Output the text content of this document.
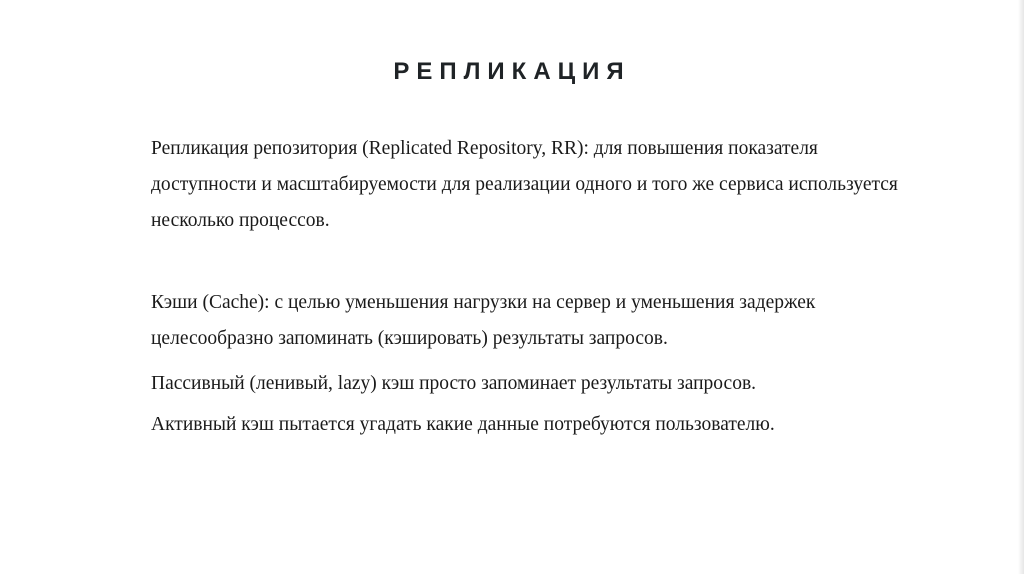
РЕПЛИКАЦИЯ
Репликация репозитория (Replicated Repository, RR): для повышения показателя доступности и масштабируемости для реализации одного и того же сервиса используется несколько процессов.
Кэши (Cache): с целью уменьшения нагрузки на сервер и уменьшения задержек целесообразно запоминать (кэшировать) результаты запросов.
Пассивный (ленивый, lazy) кэш просто запоминает результаты запросов.
Активный кэш пытается угадать какие данные потребуются пользователю.
